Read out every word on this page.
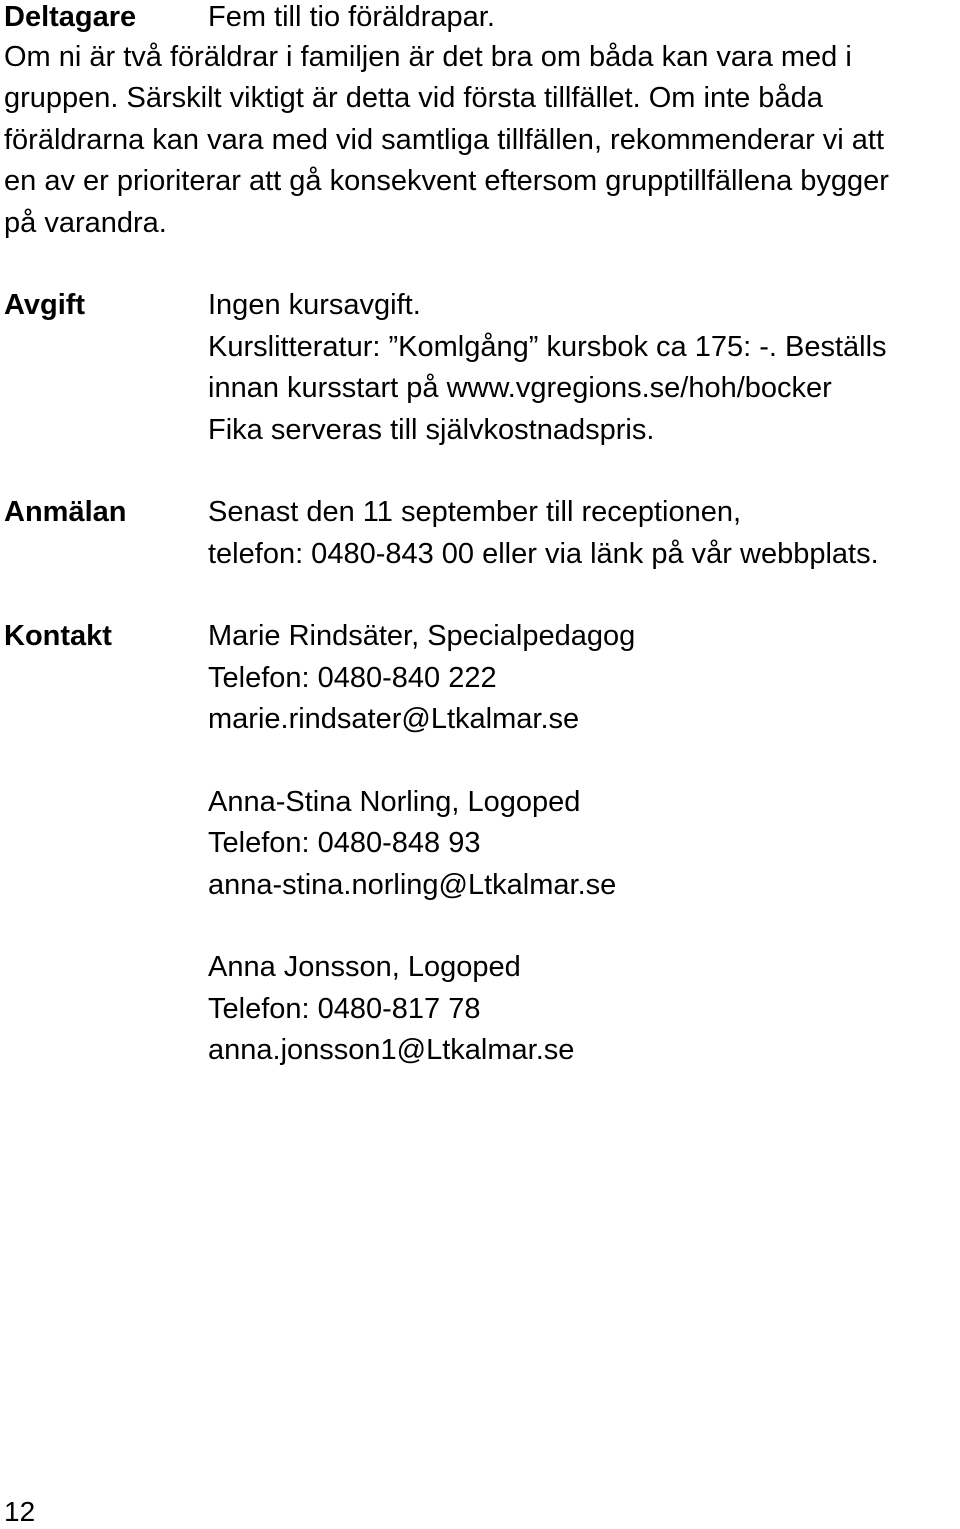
Deltagare Fem till tio föräldrapar.
Om ni är två föräldrar i familjen är det bra om båda kan vara med i
gruppen. Särskilt viktigt är detta vid första tillfället. Om inte båda
föräldrarna kan vara med vid samtliga tillfällen, rekommenderar vi att
en av er prioriterar att gå konsekvent eftersom grupptillfällena bygger
på varandra.
Avgift	Ingen kursavgift.
Kurslitteratur: ”Komlgång” kursbok ca 175: -. Beställs
innan kursstart på www.vgregions.se/hoh/bocker
Fika serveras till självkostnadspris.
Anmälan	Senast den 11 september till receptionen,
telefon: 0480-843 00 eller via länk på vår webbplats.
Kontakt	Marie Rindsäter, Specialpedagog
Telefon: 0480-840 222
marie.rindsater@Ltkalmar.se
Anna-Stina Norling, Logoped
Telefon: 0480-848 93
anna-stina.norling@Ltkalmar.se
Anna Jonsson, Logoped
Telefon: 0480-817 78
anna.jonsson1@Ltkalmar.se
12
